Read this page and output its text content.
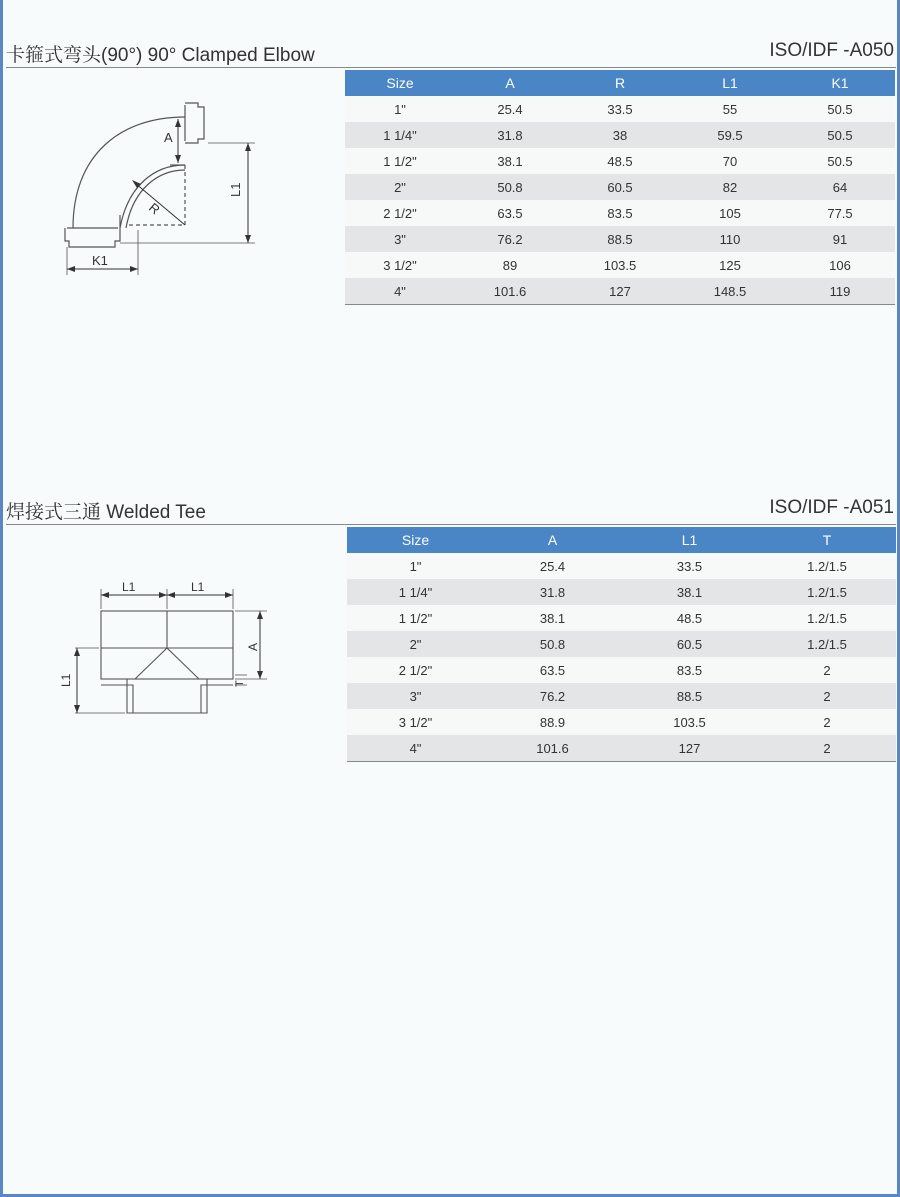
卡箍式弯头(90°) 90° Clamped Elbow	ISO/IDF -A050
R
A
L1
K1
Size	A	R	L1	K1
1"	25.4	33.5	55	50.5
1 1/4"	31.8	38	59.5	50.5
1 1/2"	38.1	48.5	70	50.5
2"	50.8	60.5	82	64
2 1/2"	63.5	83.5	105	77.5
3"	76.2	88.5	110	91
3 1/2"	89	103.5	125	106
4"	101.6	127	148.5	119
焊接式三通 Welded Tee	ISO/IDF -A051
L1	L1
A
T
L1
Size	A	L1	T
1"	25.4	33.5	1.2/1.5
1 1/4"	31.8	38.1	1.2/1.5
1 1/2"	38.1	48.5	1.2/1.5
2"	50.8	60.5	1.2/1.5
2 1/2"	63.5	83.5	2
3"	76.2	88.5	2
3 1/2"	88.9	103.5	2
4"	101.6	127	2
